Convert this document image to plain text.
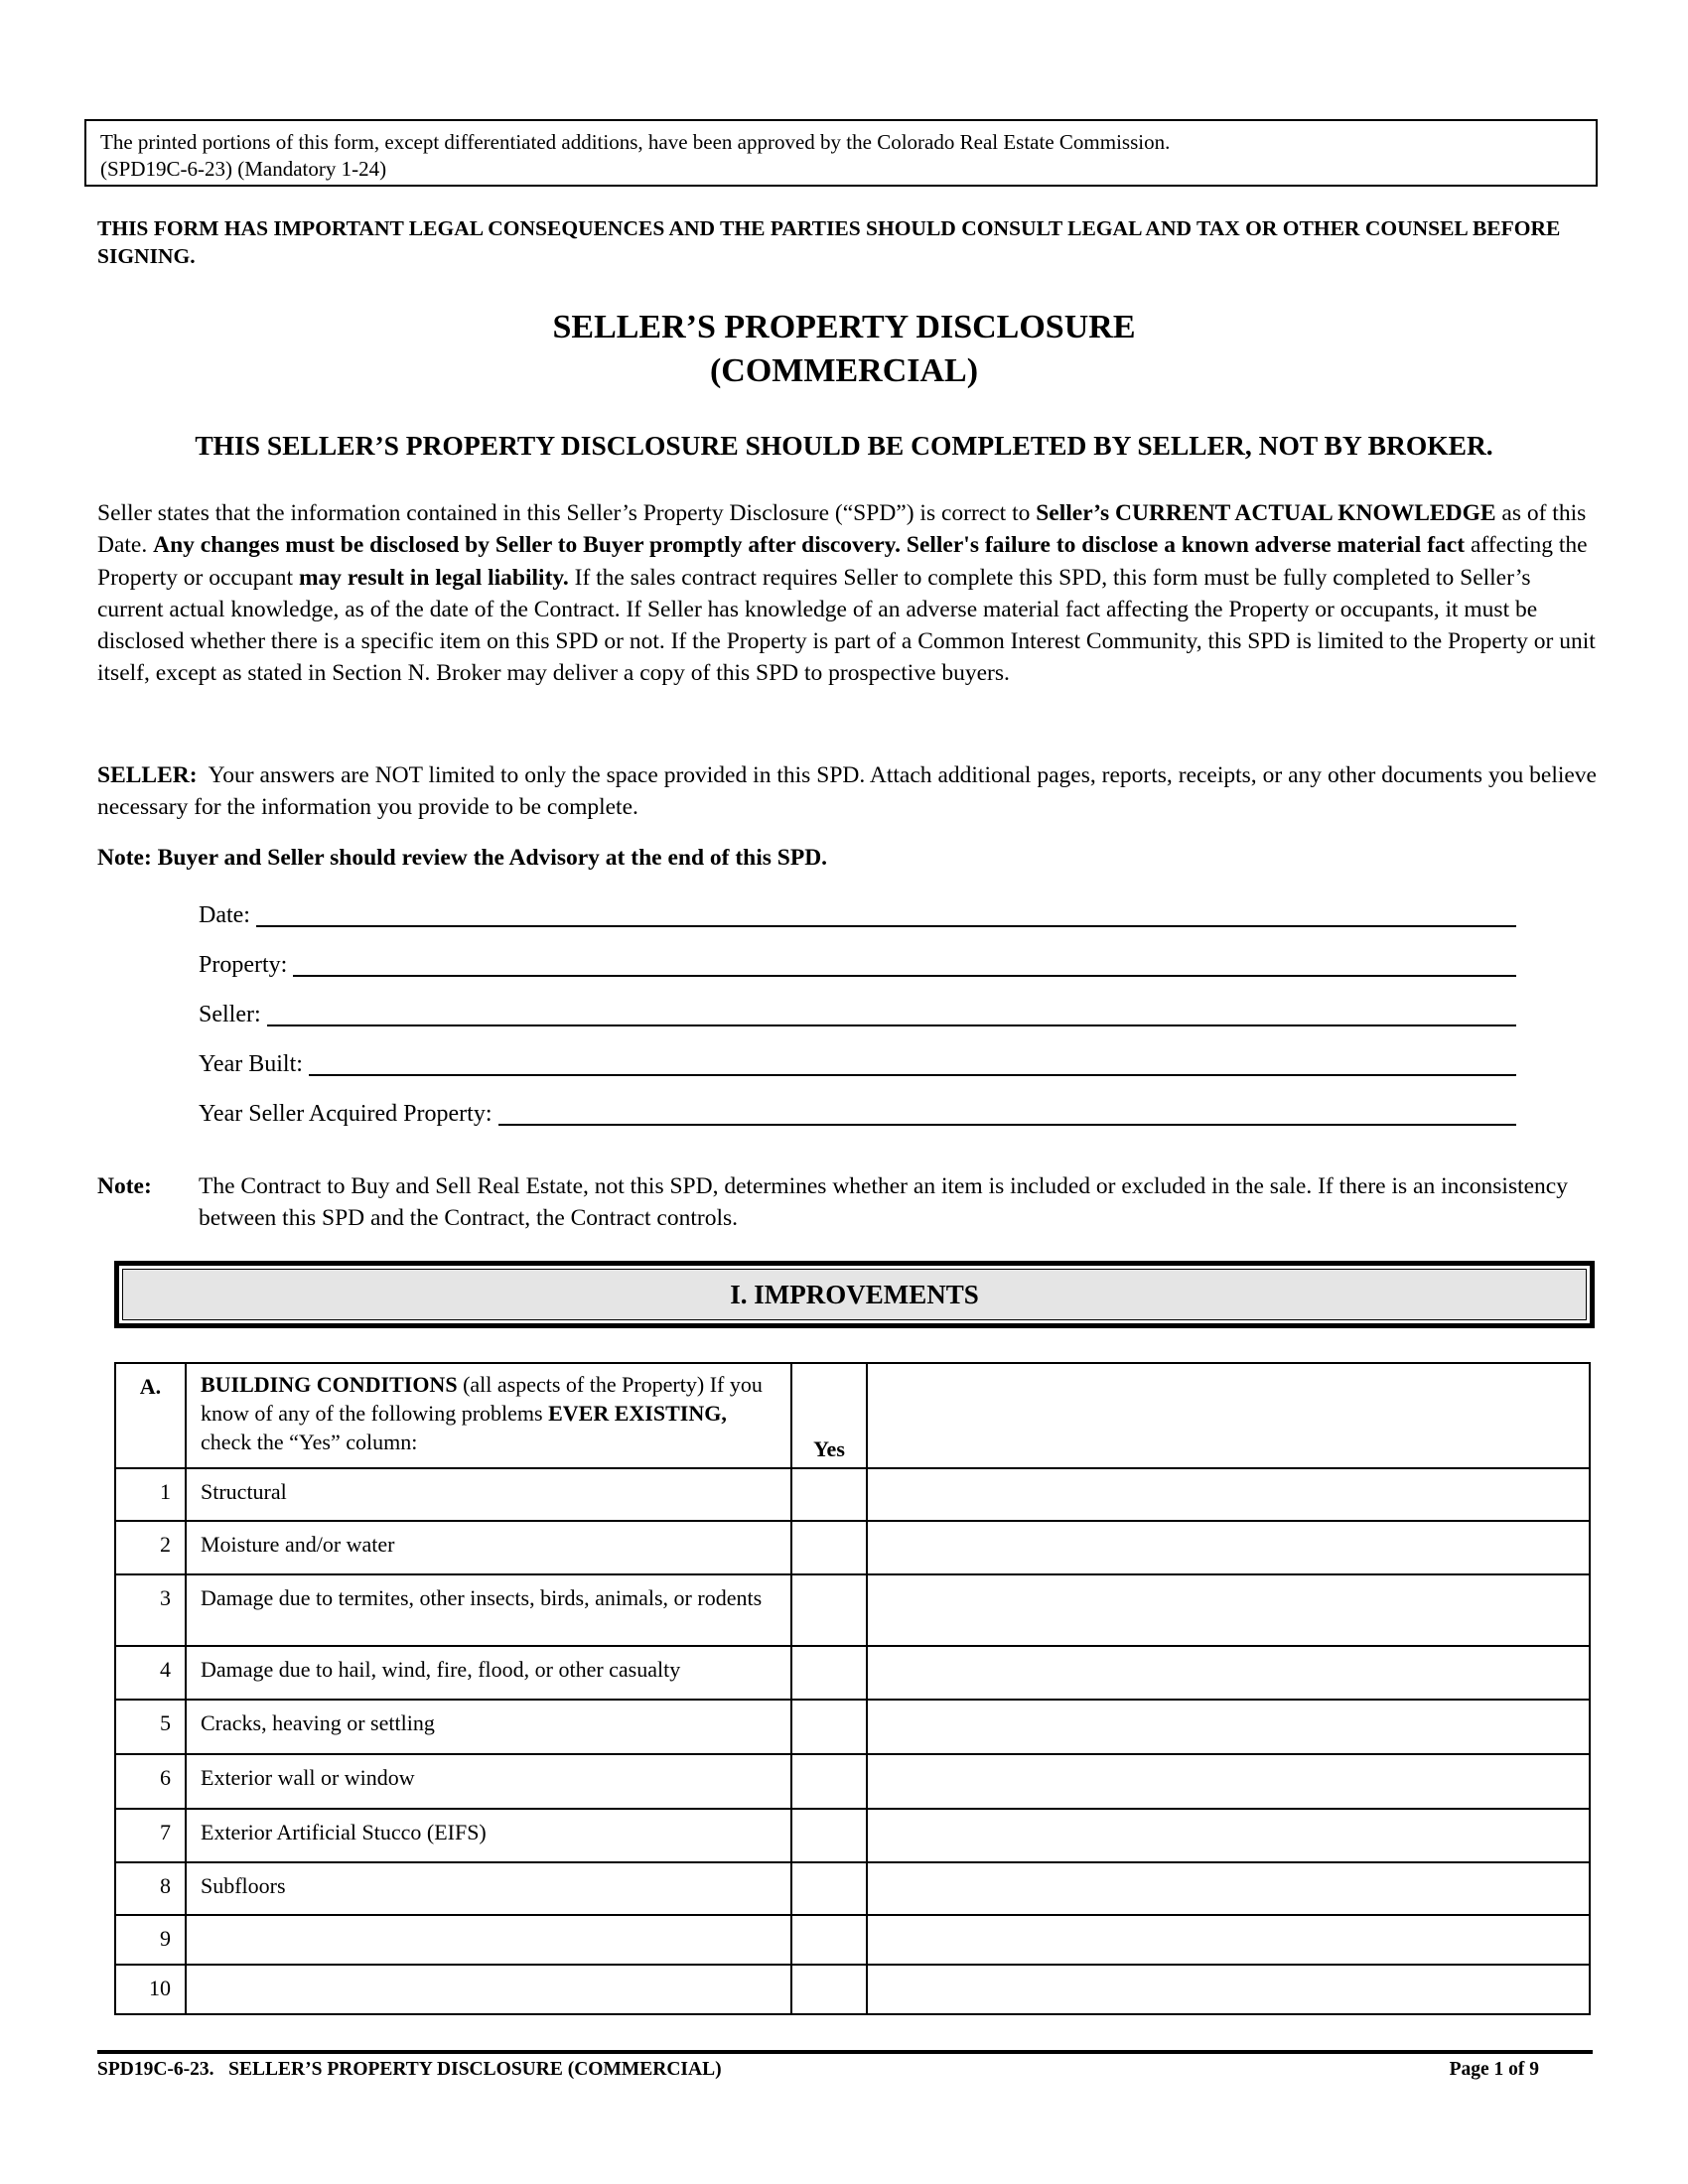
The printed portions of this form, except differentiated additions, have been approved by the Colorado Real Estate Commission.
(SPD19C-6-23) (Mandatory 1-24)
THIS FORM HAS IMPORTANT LEGAL CONSEQUENCES AND THE PARTIES SHOULD CONSULT LEGAL AND TAX OR OTHER COUNSEL BEFORE SIGNING.
SELLER’S PROPERTY DISCLOSURE
(COMMERCIAL)
THIS SELLER’S PROPERTY DISCLOSURE SHOULD BE COMPLETED BY SELLER, NOT BY BROKER.
Seller states that the information contained in this Seller’s Property Disclosure (“SPD”) is correct to Seller’s CURRENT ACTUAL KNOWLEDGE as of this Date. Any changes must be disclosed by Seller to Buyer promptly after discovery. Seller's failure to disclose a known adverse material fact affecting the Property or occupant may result in legal liability. If the sales contract requires Seller to complete this SPD, this form must be fully completed to Seller’s current actual knowledge, as of the date of the Contract. If Seller has knowledge of an adverse material fact affecting the Property or occupants, it must be disclosed whether there is a specific item on this SPD or not. If the Property is part of a Common Interest Community, this SPD is limited to the Property or unit itself, except as stated in Section N. Broker may deliver a copy of this SPD to prospective buyers.
SELLER:  Your answers are NOT limited to only the space provided in this SPD. Attach additional pages, reports, receipts, or any other documents you believe necessary for the information you provide to be complete.
Note: Buyer and Seller should review the Advisory at the end of this SPD.
Date:
Property:
Seller:
Year Built:
Year Seller Acquired Property:
Note: The Contract to Buy and Sell Real Estate, not this SPD, determines whether an item is included or excluded in the sale. If there is an inconsistency between this SPD and the Contract, the Contract controls.
I. IMPROVEMENTS
A.	BUILDING CONDITIONS (all aspects of the Property) If you know of any of the following problems EVER EXISTING, check the “Yes” column:	Yes	
1	Structural		
2	Moisture and/or water		
3	Damage due to termites, other insects, birds, animals, or rodents		
4	Damage due to hail, wind, fire, flood, or other casualty		
5	Cracks, heaving or settling		
6	Exterior wall or window		
7	Exterior Artificial Stucco (EIFS)		
8	Subfloors		
9			
10			
SPD19C-6-23.   SELLER’S PROPERTY DISCLOSURE (COMMERCIAL)	Page 1 of 9
